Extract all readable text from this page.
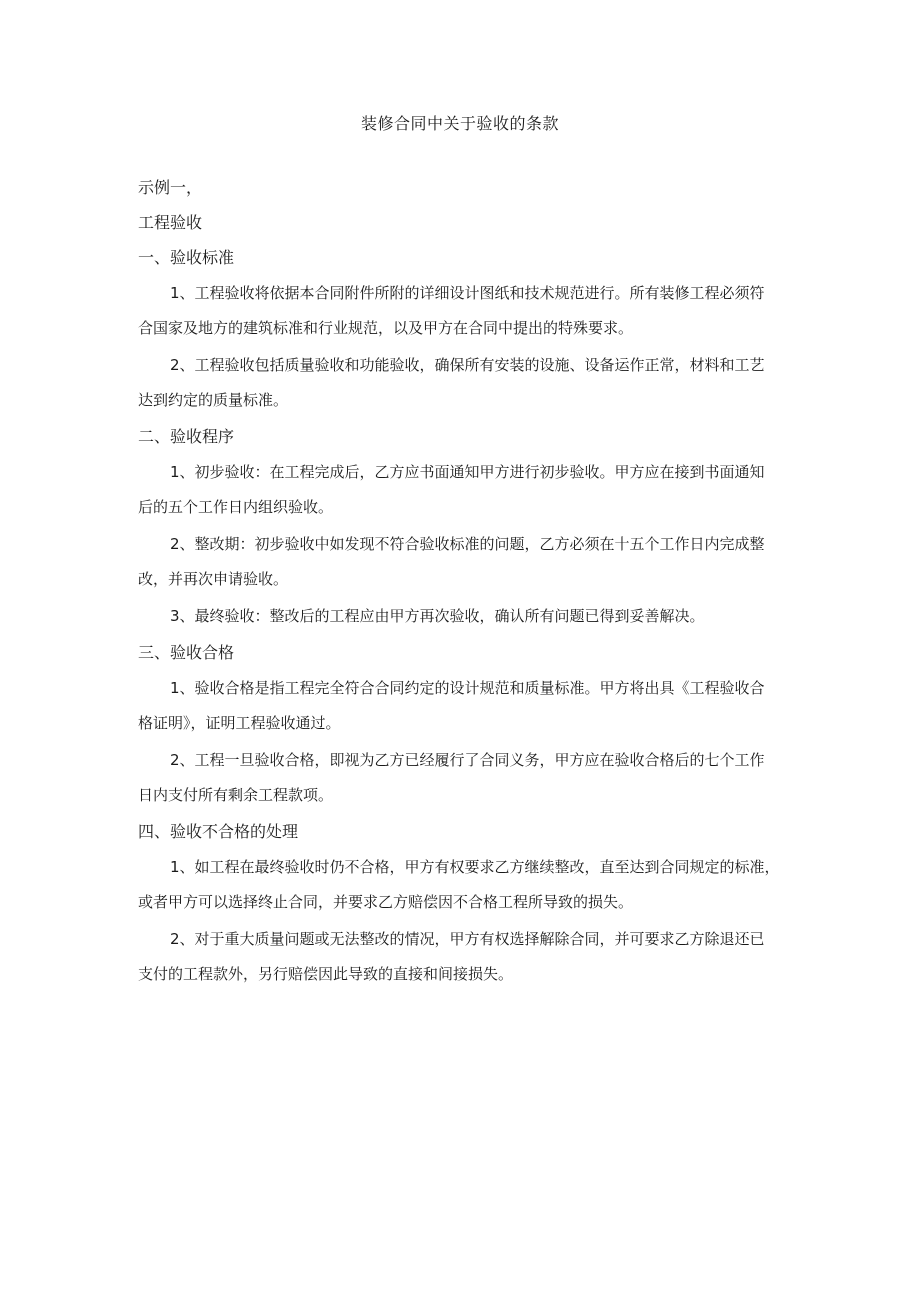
装修合同中关于验收的条款
示例一，
工程验收
一、验收标准
1、工程验收将依据本合同附件所附的详细设计图纸和技术规范进行。所有装修工程必须符
合国家及地方的建筑标准和行业规范，以及甲方在合同中提出的特殊要求。
2、工程验收包括质量验收和功能验收，确保所有安装的设施、设备运作正常，材料和工艺
达到约定的质量标准。
二、验收程序
1、初步验收：在工程完成后，乙方应书面通知甲方进行初步验收。甲方应在接到书面通知
后的五个工作日内组织验收。
2、整改期：初步验收中如发现不符合验收标准的问题，乙方必须在十五个工作日内完成整
改，并再次申请验收。
3、最终验收：整改后的工程应由甲方再次验收，确认所有问题已得到妥善解决。
三、验收合格
1、验收合格是指工程完全符合合同约定的设计规范和质量标准。甲方将出具《工程验收合
格证明》，证明工程验收通过。
2、工程一旦验收合格，即视为乙方已经履行了合同义务，甲方应在验收合格后的七个工作
日内支付所有剩余工程款项。
四、验收不合格的处理
1、如工程在最终验收时仍不合格，甲方有权要求乙方继续整改，直至达到合同规定的标准，
或者甲方可以选择终止合同，并要求乙方赔偿因不合格工程所导致的损失。
2、对于重大质量问题或无法整改的情况，甲方有权选择解除合同，并可要求乙方除退还已
支付的工程款外，另行赔偿因此导致的直接和间接损失。
